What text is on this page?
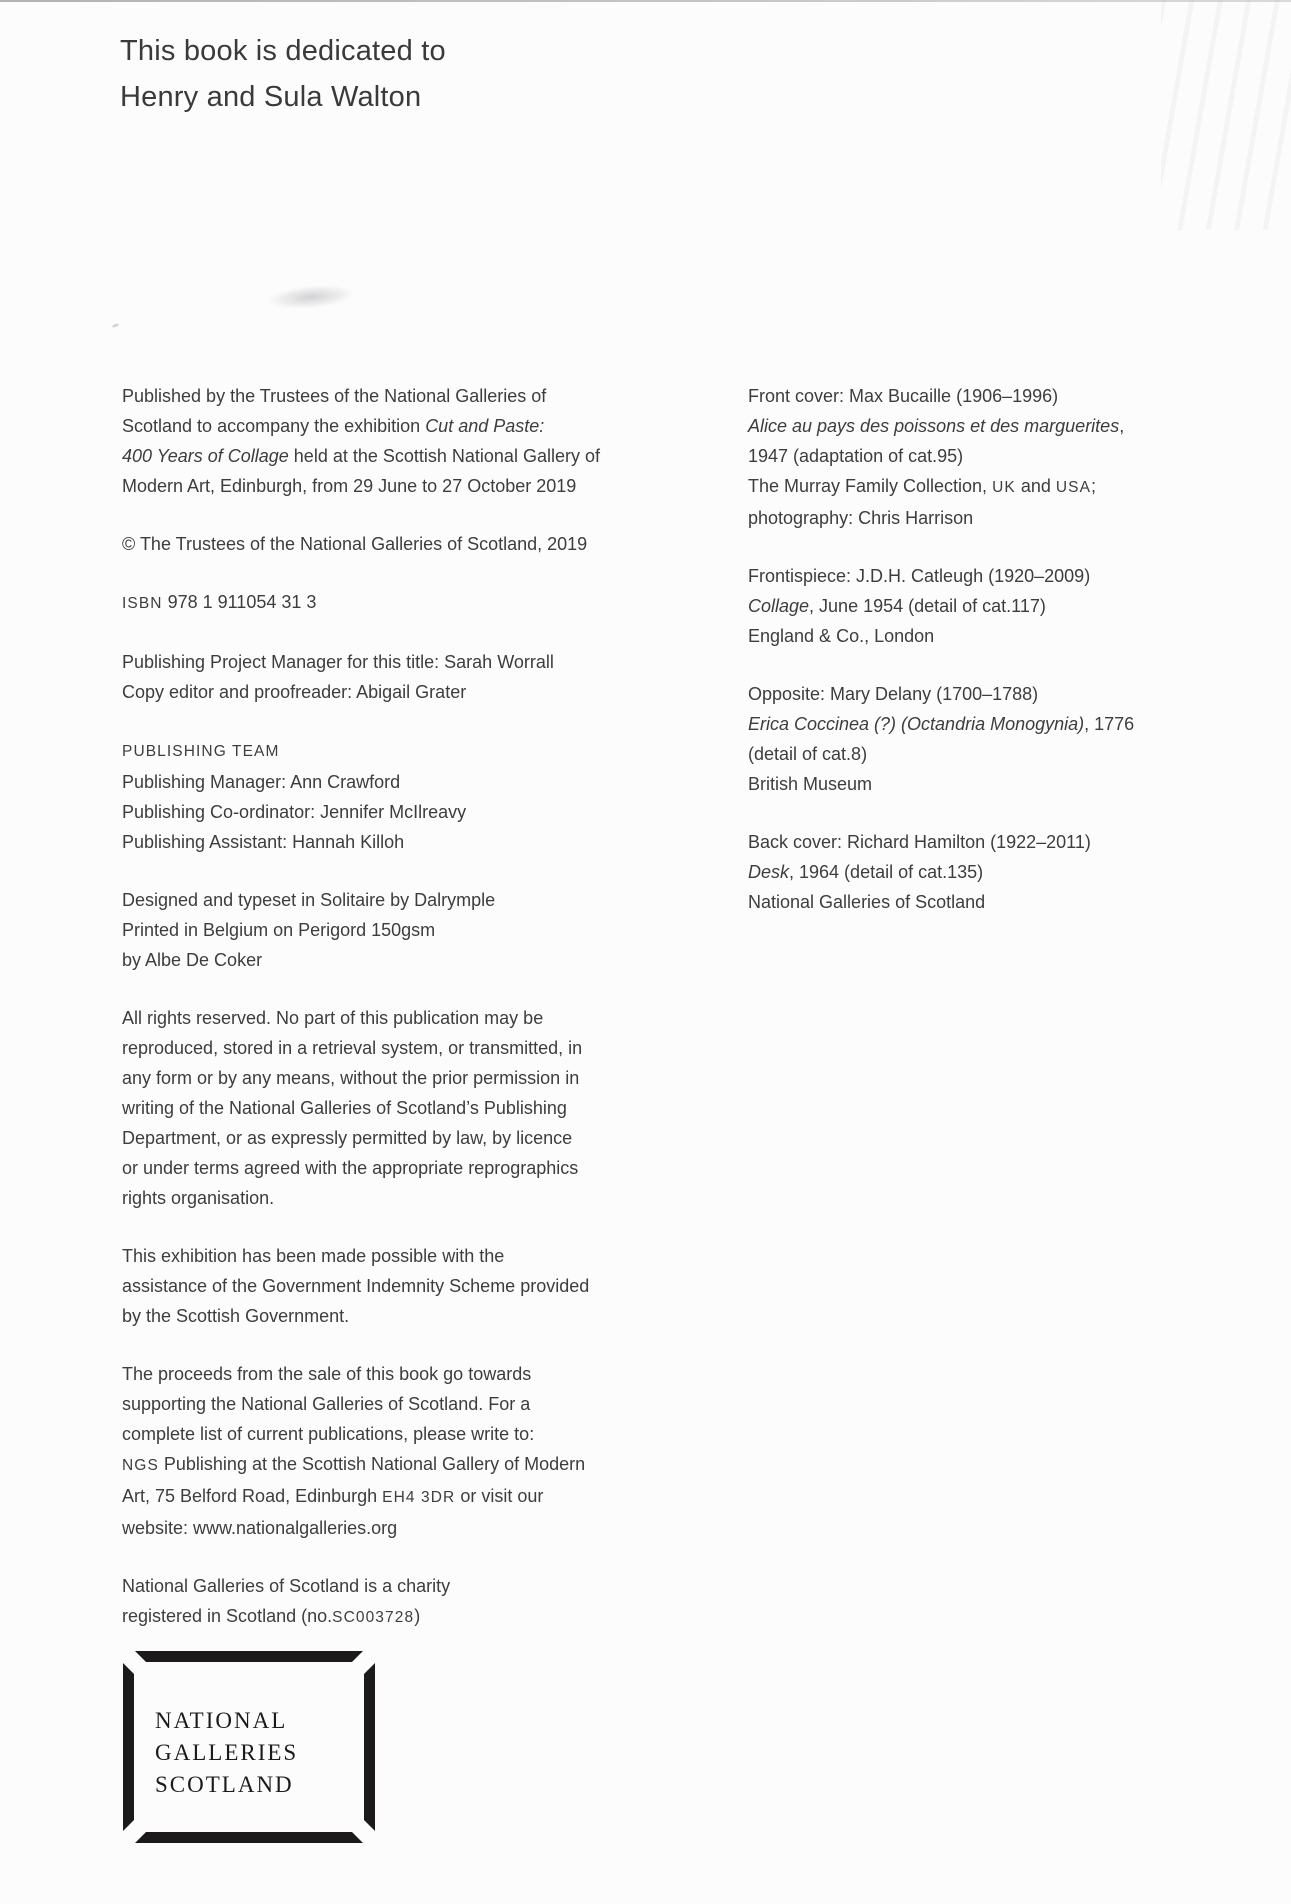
This book is dedicated to
Henry and Sula Walton
Published by the Trustees of the National Galleries of
Scotland to accompany the exhibition Cut and Paste:
400 Years of Collage held at the Scottish National Gallery of
Modern Art, Edinburgh, from 29 June to 27 October 2019
© The Trustees of the National Galleries of Scotland, 2019
ISBN 978 1 911054 31 3
Publishing Project Manager for this title: Sarah Worrall
Copy editor and proofreader: Abigail Grater
PUBLISHING TEAM
Publishing Manager: Ann Crawford
Publishing Co-ordinator: Jennifer McIlreavy
Publishing Assistant: Hannah Killoh
Designed and typeset in Solitaire by Dalrymple
Printed in Belgium on Perigord 150gsm
by Albe De Coker
All rights reserved. No part of this publication may be
reproduced, stored in a retrieval system, or transmitted, in
any form or by any means, without the prior permission in
writing of the National Galleries of Scotland’s Publishing
Department, or as expressly permitted by law, by licence
or under terms agreed with the appropriate reprographics
rights organisation.
This exhibition has been made possible with the
assistance of the Government Indemnity Scheme provided
by the Scottish Government.
The proceeds from the sale of this book go towards
supporting the National Galleries of Scotland. For a
complete list of current publications, please write to:
NGS Publishing at the Scottish National Gallery of Modern
Art, 75 Belford Road, Edinburgh EH4 3DR or visit our
website: www.nationalgalleries.org
National Galleries of Scotland is a charity
registered in Scotland (no.SC003728)
Front cover: Max Bucaille (1906–1996)
Alice au pays des poissons et des marguerites,
1947 (adaptation of cat.95)
The Murray Family Collection, UK and USA;
photography: Chris Harrison
Frontispiece: J.D.H. Catleugh (1920–2009)
Collage, June 1954 (detail of cat.117)
England & Co., London
Opposite: Mary Delany (1700–1788)
Erica Coccinea (?) (Octandria Monogynia), 1776
(detail of cat.8)
British Museum
Back cover: Richard Hamilton (1922–2011)
Desk, 1964 (detail of cat.135)
National Galleries of Scotland
NATIONAL
GALLERIES
SCOTLAND
